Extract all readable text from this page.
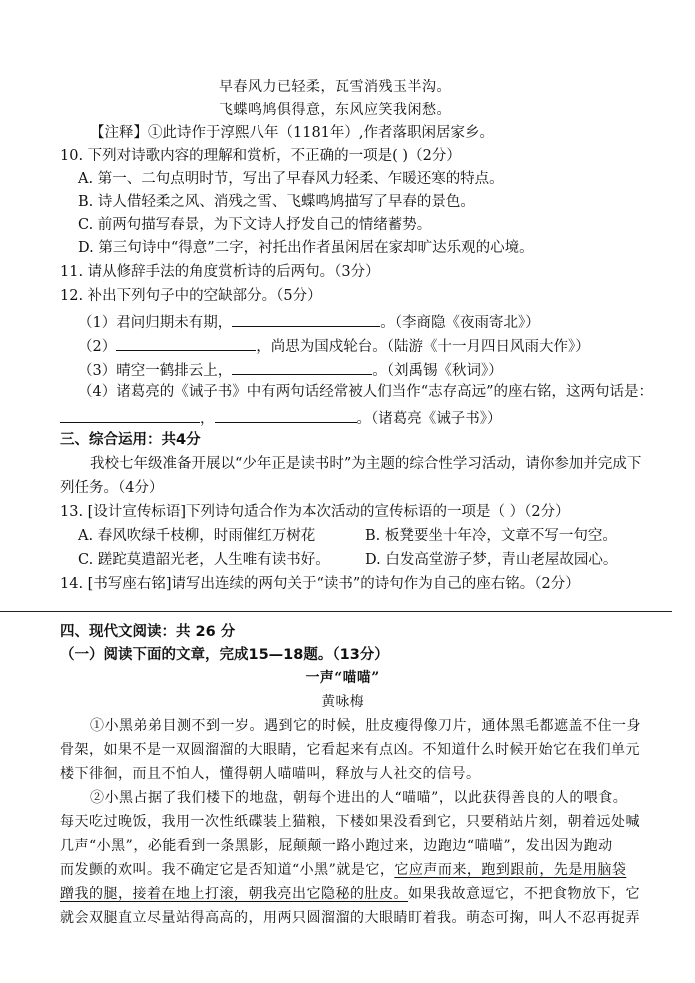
早春风力已轻柔，瓦雪消残玉半沟。
飞蝶鸣鸠俱得意，东风应笑我闲愁。
【注释】①此诗作于淳熙八年（1181年）,作者落职闲居家乡。
10. 下列对诗歌内容的理解和赏析，不正确的一项是( )（2分）
A. 第一、二句点明时节，写出了早春风力轻柔、乍暖还寒的特点。
B. 诗人借轻柔之风、消残之雪、飞蝶鸣鸠描写了早春的景色。
C. 前两句描写春景，为下文诗人抒发自己的情绪蓄势。
D. 第三句诗中“得意”二字，衬托出作者虽闲居在家却旷达乐观的心境。
11. 请从修辞手法的角度赏析诗的后两句。（3分）
12. 补出下列句子中的空缺部分。（5分）
（1）君问归期未有期，	。（李商隐《夜雨寄北》）
（2）	，尚思为国戍轮台。（陆游《十一月四日风雨大作》）
（3）晴空一鹤排云上，	。（刘禹锡《秋词》）
（4）诸葛亮的《诫子书》中有两句话经常被人们当作“志存高远”的座右铭，这两句话是：
，	。（诸葛亮《诫子书》）
三、综合运用：共4分
我校七年级准备开展以“少年正是读书时”为主题的综合性学习活动，请你参加并完成下
列任务。（4分）
13. [设计宣传标语]下列诗句适合作为本次活动的宣传标语的一项是（ ）（2分）
A. 春风吹绿千枝柳，时雨催红万树花	B. 板凳要坐十年冷，文章不写一句空。
C. 蹉跎莫遣韶光老，人生唯有读书好。 D. 白发高堂游子梦，青山老屋故园心。
14. [书写座右铭]请写出连续的两句关于“读书”的诗句作为自己的座右铭。（2分）
四、现代文阅读：共 26 分
（一）阅读下面的文章，完成15—18题。（13分）
一声“喵喵”
黄咏梅
①小黑弟弟目测不到一岁。遇到它的时候，肚皮瘦得像刀片，通体黑毛都遮盖不住一身
骨架，如果不是一双圆溜溜的大眼睛，它看起来有点凶。不知道什么时候开始它在我们单元
楼下徘徊，而且不怕人，懂得朝人喵喵叫，释放与人社交的信号。
②小黑占据了我们楼下的地盘，朝每个进出的人“喵喵”，以此获得善良的人的喂食。
每天吃过晚饭，我用一次性纸碟装上猫粮，下楼如果没看到它，只要稍站片刻，朝着远处喊
几声“小黑”，必能看到一条黑影，屁颠颠一路小跑过来，边跑边“喵喵”，发出因为跑动
而发颤的欢叫。我不确定它是否知道“小黑”就是它，它应声而来，跑到跟前，先是用脑袋
蹭我的腿，接着在地上打滚，朝我亮出它隐秘的肚皮。如果我故意逗它，不把食物放下，它
就会双腿直立尽量站得高高的，用两只圆溜溜的大眼睛盯着我。萌态可掬，叫人不忍再捉弄
